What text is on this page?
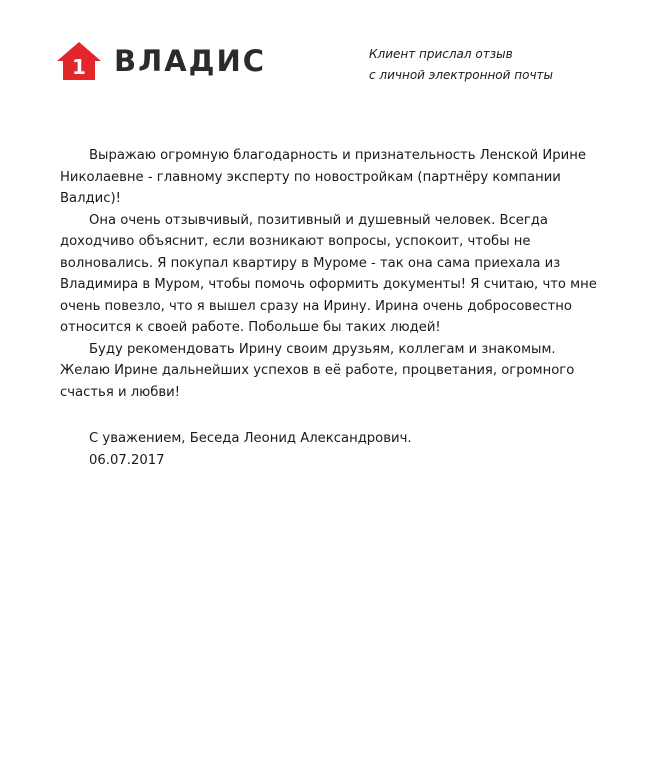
1 ВЛАДИС	Клиент прислал отзыв
с личной электронной почты

Выражаю огромную благодарность и признательность Ленской Ирине Николаевне - главному эксперту по новостройкам (партнёру компании Валдис)!

Она очень отзывчивый, позитивный и душевный человек. Всегда доходчиво объяснит, если возникают вопросы, успокоит, чтобы не волновались. Я покупал квартиру в Муроме - так она сама приехала из Владимира в Муром, чтобы помочь оформить документы! Я считаю, что мне очень повезло, что я вышел сразу на Ирину. Ирина очень добросовестно относится к своей работе. Побольше бы таких людей!

Буду рекомендовать Ирину своим друзьям, коллегам и знакомым. Желаю Ирине дальнейших успехов в её работе, процветания, огромного счастья и любви!

С уважением, Беседа Леонид Александрович.
06.07.2017
